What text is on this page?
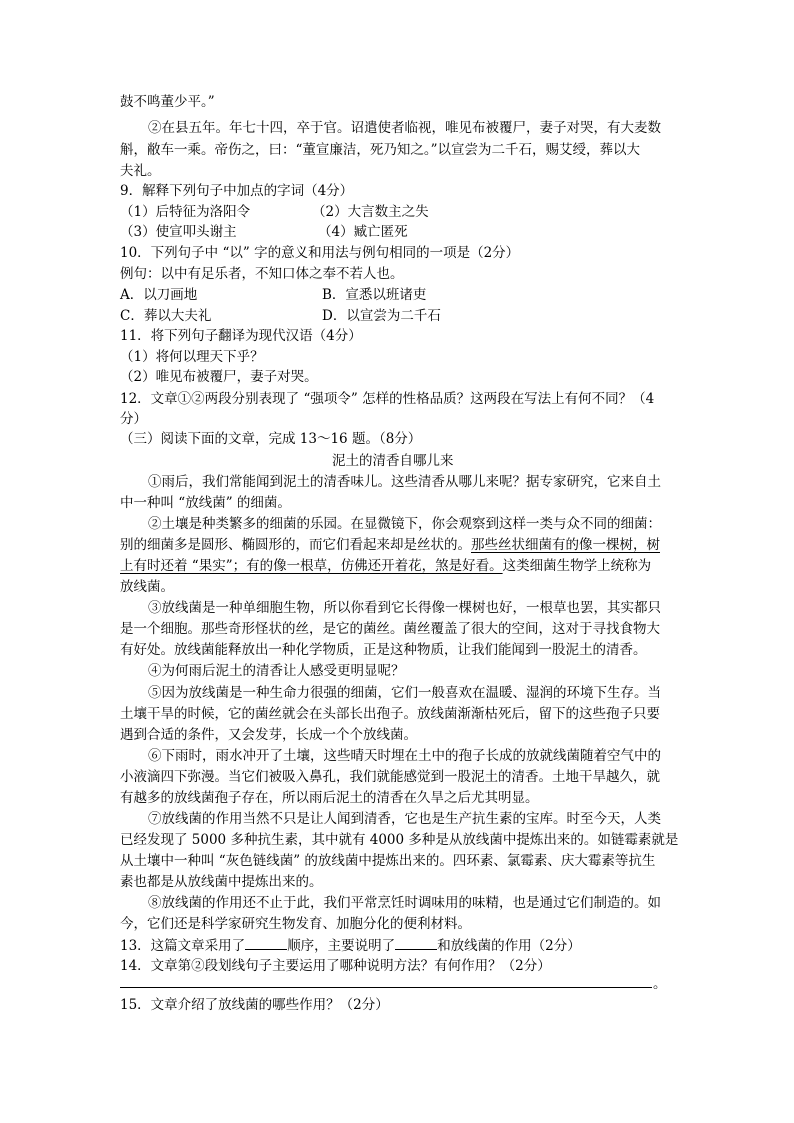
鼓不鸣董少平。”
②在县五年。年七十四，卒于官。诏遣使者临视，唯见布被覆尸，妻子对哭，有大麦数
斛，敝车一乘。帝伤之，曰：“董宣廉洁，死乃知之。”以宣尝为二千石，赐艾绶，葬以大
夫礼。
9．解释下列句子中加点的字词（4分）
（1）后特征为洛阳令	（2）大言数主之失
（3）使宣叩头谢主	（4）臧亡匿死
10．下列句子中 “以” 字的意义和用法与例句相同的一项是（2分）
例句：以中有足乐者，不知口体之奉不若人也。
A．以刀画地	B．宣悉以班诸吏
C．葬以大夫礼	D．以宣尝为二千石
11．将下列句子翻译为现代汉语（4分）
（1）将何以理天下乎？
（2）唯见布被覆尸，妻子对哭。
12．文章①②两段分别表现了 “强项令” 怎样的性格品质？这两段在写法上有何不同？（4
分）
（三）阅读下面的文章，完成 13～16 题。（8分）
泥土的清香自哪儿来
①雨后，我们常能闻到泥土的清香味儿。这些清香从哪儿来呢？据专家研究，它来自土
中一种叫 “放线菌” 的细菌。
②土壤是种类繁多的细菌的乐园。在显微镜下，你会观察到这样一类与众不同的细菌：
别的细菌多是圆形、椭圆形的，而它们看起来却是丝状的。那些丝状细菌有的像一棵树，树
上有时还着 “果实”；有的像一根草，仿佛还开着花，煞是好看。这类细菌生物学上统称为
放线菌。
③放线菌是一种单细胞生物，所以你看到它长得像一棵树也好，一根草也罢，其实都只
是一个细胞。那些奇形怪状的丝，是它的菌丝。菌丝覆盖了很大的空间，这对于寻找食物大
有好处。放线菌能释放出一种化学物质，正是这种物质，让我们能闻到一股泥土的清香。
④为何雨后泥土的清香让人感受更明显呢？
⑤因为放线菌是一种生命力很强的细菌，它们一般喜欢在温暖、湿润的环境下生存。当
土壤干旱的时候，它的菌丝就会在头部长出孢子。放线菌渐渐枯死后，留下的这些孢子只要
遇到合适的条件，又会发芽，长成一个个放线菌。
⑥下雨时，雨水冲开了土壤，这些晴天时埋在土中的孢子长成的放就线菌随着空气中的
小液滴四下弥漫。当它们被吸入鼻孔，我们就能感觉到一股泥土的清香。土地干旱越久，就
有越多的放线菌孢子存在，所以雨后泥土的清香在久旱之后尤其明显。
⑦放线菌的作用当然不只是让人闻到清香，它也是生产抗生素的宝库。时至今天，人类
已经发现了 5000 多种抗生素，其中就有 4000 多种是从放线菌中提炼出来的。如链霉素就是
从土壤中一种叫 “灰色链线菌” 的放线菌中提炼出来的。四环素、氯霉素、庆大霉素等抗生
素也都是从放线菌中提炼出来的。
⑧放线菌的作用还不止于此，我们平常烹饪时调味用的味精，也是通过它们制造的。如
今，它们还是科学家研究生物发育、加胞分化的便利材料。
13．这篇文章采用了	顺序，主要说明了	和放线菌的作用（2分）
14．文章第②段划线句子主要运用了哪种说明方法？有何作用？（2分）
。
15．文章介绍了放线菌的哪些作用？（2分）
